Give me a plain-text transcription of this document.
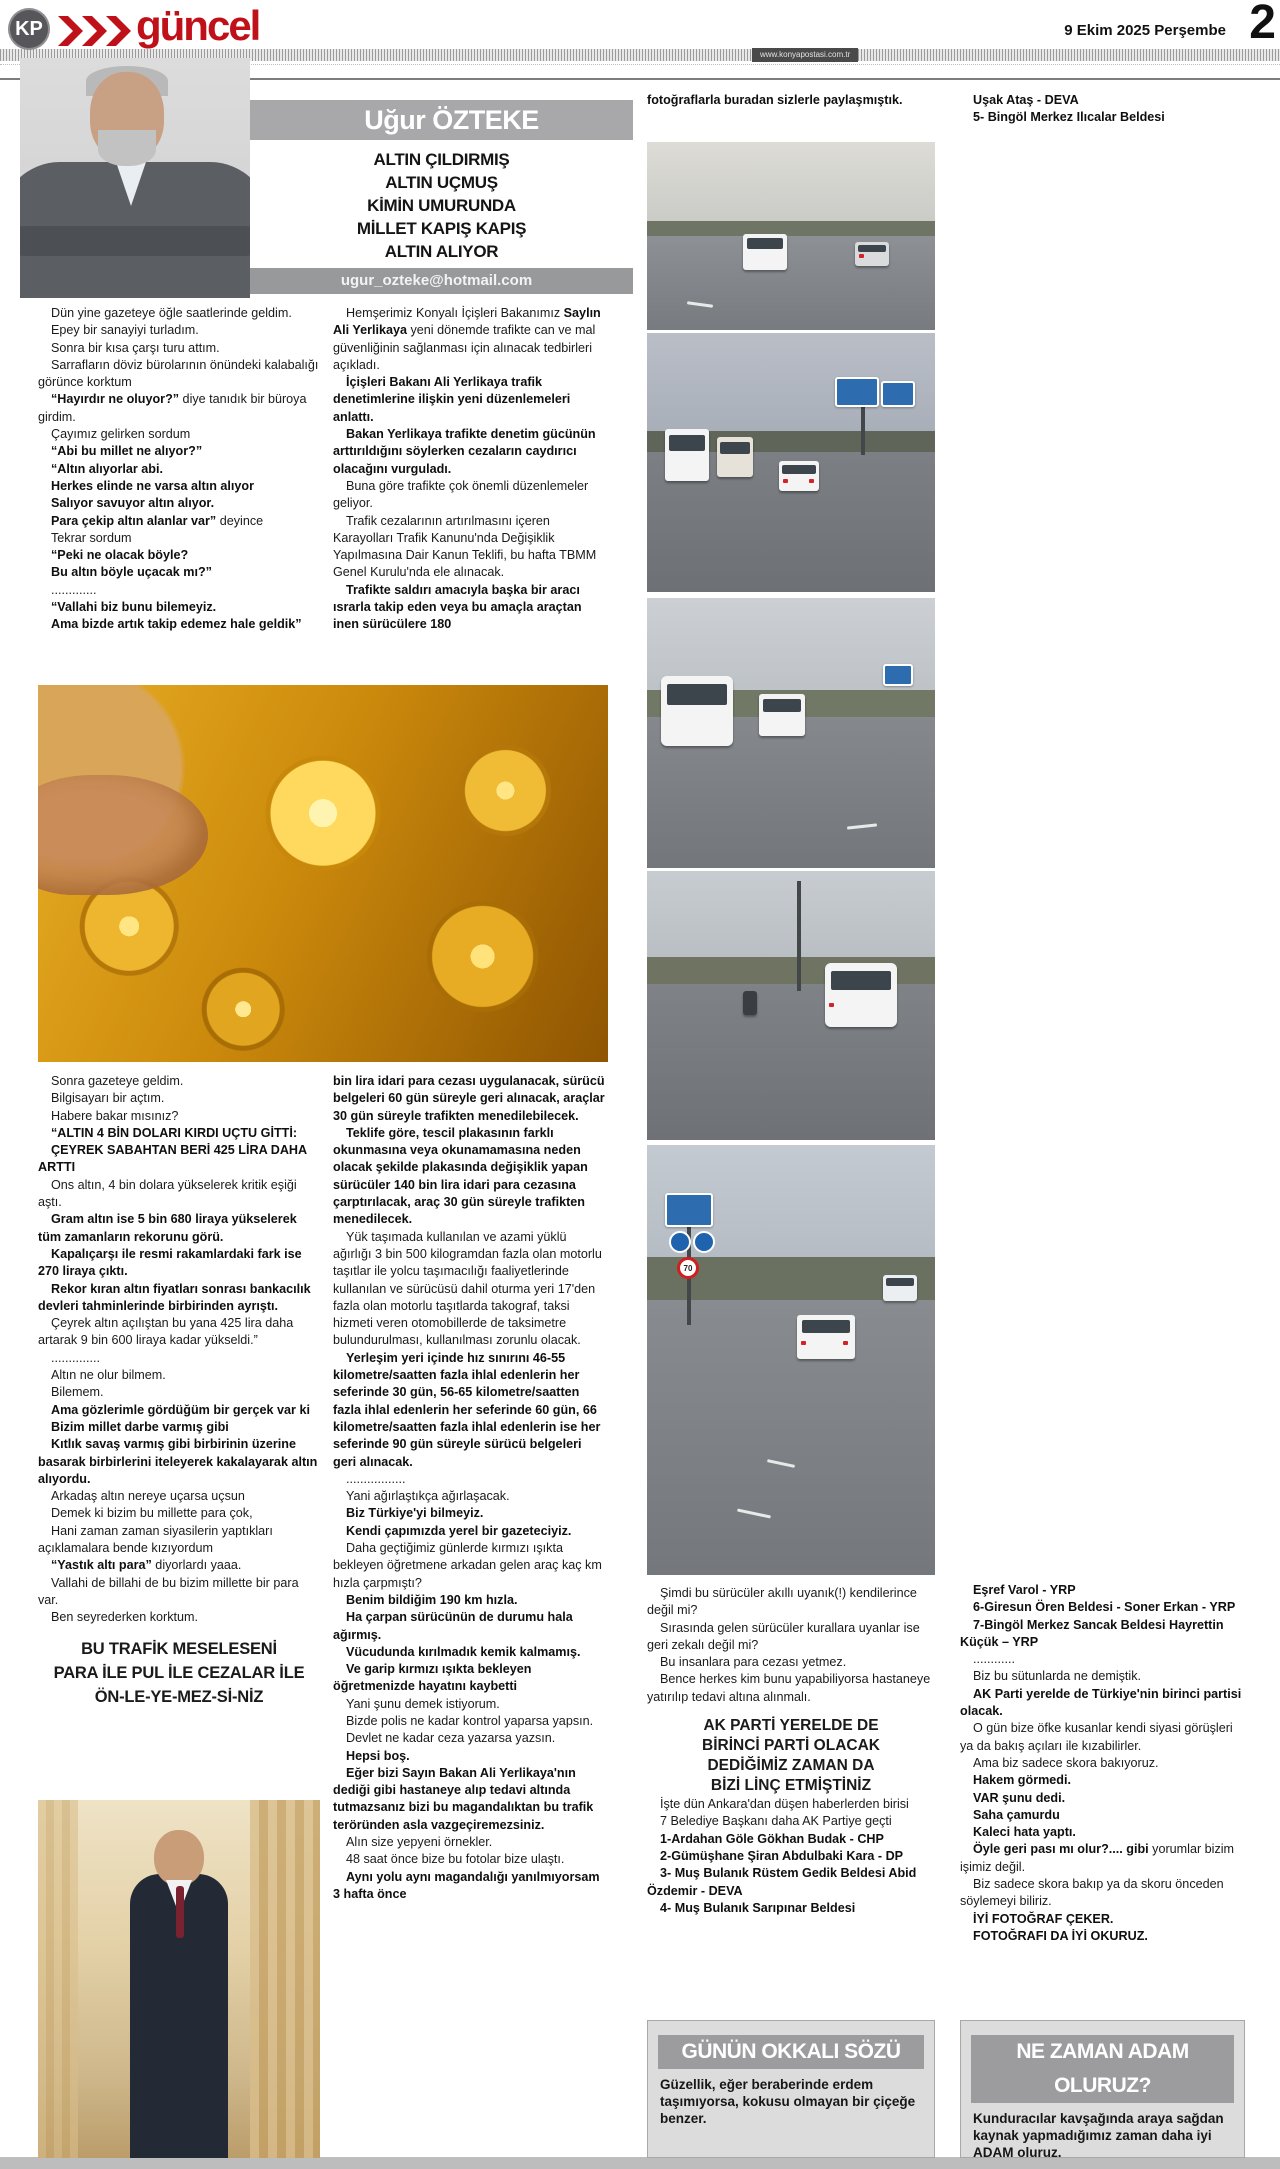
KP güncel
www.konyapostasi.com.tr
9 Ekim 2025 Perşembe 2
Uğur ÖZTEKE

ALTIN ÇILDIRMIŞ

ALTIN UÇMUŞ

KİMİN UMURUNDA

MİLLET KAPIŞ KAPIŞ

ALTIN ALIYOR

ugur_ozteke@hotmail.com

Dün yine gazeteye öğle saatlerinde geldim.

Epey bir sanayiyi turladım.

Sonra bir kısa çarşı turu attım.

Sarrafların döviz bürolarının önündeki kalabalığı görünce korktum

“Hayırdır ne oluyor?” diye tanıdık bir büroya girdim.

Çayımız gelirken sordum

“Abi bu millet ne alıyor?”

“Altın alıyorlar abi.

Herkes elinde ne varsa altın alıyor

Salıyor savuyor altın alıyor.

Para çekip altın alanlar var” deyince

Tekrar sordum

“Peki ne olacak böyle?

Bu altın böyle uçacak mı?”

.............

“Vallahi biz bunu bilemeyiz.

Ama bizde artık takip edemez hale geldik”

Hemşerimiz Konyalı İçişleri Bakanımız Saylın Ali Yerlikaya yeni dönemde trafikte can ve mal güvenliğinin sağlanması için alınacak tedbirleri açıkladı.

İçişleri Bakanı Ali Yerlikaya trafik denetimlerine ilişkin yeni düzenlemeleri anlattı.

Bakan Yerlikaya trafikte denetim gücünün arttırıldığını söylerken cezaların caydırıcı olacağını vurguladı.

Buna göre trafikte çok önemli düzenlemeler geliyor.

Trafik cezalarının artırılmasını içeren Karayolları Trafik Kanunu'nda Değişiklik Yapılmasına Dair Kanun Teklifi, bu hafta TBMM Genel Kurulu'nda ele alınacak.

Trafikte saldırı amacıyla başka bir aracı ısrarla takip eden veya bu amaçla araçtan inen sürücülere 180

Sonra gazeteye geldim.

Bilgisayarı bir açtım.

Habere bakar mısınız?

“ALTIN 4 BİN DOLARI KIRDI UÇTU GİTTİ:

ÇEYREK SABAHTAN BERİ 425 LİRA DAHA ARTTI

Ons altın, 4 bin dolara yükselerek kritik eşiği aştı.

Gram altın ise 5 bin 680 liraya yükselerek tüm zamanların rekorunu görü.

Kapalıçarşı ile resmi rakamlardaki fark ise 270 liraya çıktı.

Rekor kıran altın fiyatları sonrası bankacılık devleri tahminlerinde birbirinden ayrıştı.

Çeyrek altın açılıştan bu yana 425 lira daha artarak 9 bin 600 liraya kadar yükseldi.”

..............

Altın ne olur bilmem.

Bilemem.

Ama gözlerimle gördüğüm bir gerçek var ki

Bizim millet darbe varmış gibi

Kıtlık savaş varmış gibi birbirinin üzerine basarak birbirlerini iteleyerek kakalayarak altın alıyordu.

Arkadaş altın nereye uçarsa uçsun

Demek ki bizim bu millette para çok,

Hani zaman zaman siyasilerin yaptıkları açıklamalara bende kızıyordum

“Yastık altı para” diyorlardı yaaa.

Vallahi de billahi de bu bizim millette bir para var.

Ben seyrederken korktum.

BU TRAFİK MESELESENİ

PARA İLE PUL İLE CEZALAR İLE

ÖN-LE-YE-MEZ-Sİ-NİZ

bin lira idari para cezası uygulanacak, sürücü belgeleri 60 gün süreyle geri alınacak, araçlar 30 gün süreyle trafikten menedilebilecek.

Teklife göre, tescil plakasının farklı okunmasına veya okunamamasına neden olacak şekilde plakasında değişiklik yapan sürücüler 140 bin lira idari para cezasına çarptırılacak, araç 30 gün süreyle trafikten menedilecek.

Yük taşımada kullanılan ve azami yüklü ağırlığı 3 bin 500 kilogramdan fazla olan motorlu taşıtlar ile yolcu taşımacılığı faaliyetlerinde kullanılan ve sürücüsü dahil oturma yeri 17'den fazla olan motorlu taşıtlarda takograf, taksi hizmeti veren otomobillerde de taksimetre bulundurulması, kullanılması zorunlu olacak.

Yerleşim yeri içinde hız sınırını 46-55 kilometre/saatten fazla ihlal edenlerin her seferinde 30 gün, 56-65 kilometre/saatten fazla ihlal edenlerin her seferinde 60 gün, 66 kilometre/saatten fazla ihlal edenlerin ise her seferinde 90 gün süreyle sürücü belgeleri geri alınacak.

.................

Yani ağırlaştıkça ağırlaşacak.

Biz Türkiye'yi bilmeyiz.

Kendi çapımızda yerel bir gazeteciyiz.

Daha geçtiğimiz günlerde kırmızı ışıkta bekleyen öğretmene arkadan gelen araç kaç km hızla çarpmıştı?

Benim bildiğim 190 km hızla.

Ha çarpan sürücünün de durumu hala ağırmış.

Vücudunda kırılmadık kemik kalmamış.

Ve garip kırmızı ışıkta bekleyen öğretmenizde hayatını kaybetti

Yani şunu demek istiyorum.

Bizde polis ne kadar kontrol yaparsa yapsın.

Devlet ne kadar ceza yazarsa yazsın.

Hepsi boş.

Eğer bizi Sayın Bakan Ali Yerlikaya'nın dediği gibi hastaneye alıp tedavi altında tutmazsanız bizi bu magandalıktan bu trafik teröründen asla vazgeçiremezsiniz.

Alın size yepyeni örnekler.

48 saat önce bize bu fotolar bize ulaştı.

Aynı yolu aynı magandalığı yanılmıyorsam 3 hafta önce

fotoğraflarla buradan sizlerle paylaşmıştık.

70

Şimdi bu sürücüler akıllı uyanık(!) kendilerince değil mi?

Sırasında gelen sürücüler kurallara uyanlar ise geri zekalı değil mi?

Bu insanlara para cezası yetmez.

Bence herkes kim bunu yapabiliyorsa hastaneye yatırılıp tedavi altına alınmalı.

AK PARTİ YERELDE DE

BİRİNCİ PARTİ OLACAK

DEDİĞİMİZ ZAMAN DA

BİZİ LİNÇ ETMİŞTİNİZ

İşte dün Ankara'dan düşen haberlerden birisi

7 Belediye Başkanı daha AK Partiye geçti

1-Ardahan Göle Gökhan Budak - CHP

2-Gümüşhane Şiran Abdulbaki Kara - DP

3- Muş Bulanık Rüstem Gedik Beldesi Abid Özdemir - DEVA

4- Muş Bulanık Sarıpınar Beldesi

Uşak Ataş - DEVA

5- Bingöl Merkez Ilıcalar Beldesi

Eşref Varol - YRP

6-Giresun Ören Beldesi - Soner Erkan - YRP

7-Bingöl Merkez Sancak Beldesi Hayrettin Küçük – YRP

............

Biz bu sütunlarda ne demiştik.

AK Parti yerelde de Türkiye'nin birinci partisi olacak.

O gün bize öfke kusanlar kendi siyasi görüşleri ya da bakış açıları ile kızabilirler.

Ama biz sadece skora bakıyoruz.

Hakem görmedi.

VAR şunu dedi.

Saha çamurdu

Kaleci hata yaptı.

Öyle geri pası mı olur?.... gibi yorumlar bizim işimiz değil.

Biz sadece skora bakıp ya da skoru önceden söylemeyi biliriz.

İYİ FOTOĞRAF ÇEKER.

FOTOĞRAFI DA İYİ OKURUZ.

GÜNÜN OKKALI SÖZÜ
Güzellik, eğer beraberinde erdem taşımıyorsa, kokusu olmayan bir çiçeğe benzer.
NE ZAMAN ADAM OLURUZ?
Kunduracılar kavşağında araya sağdan kaynak yapmadığımız zaman daha iyi ADAM oluruz.
